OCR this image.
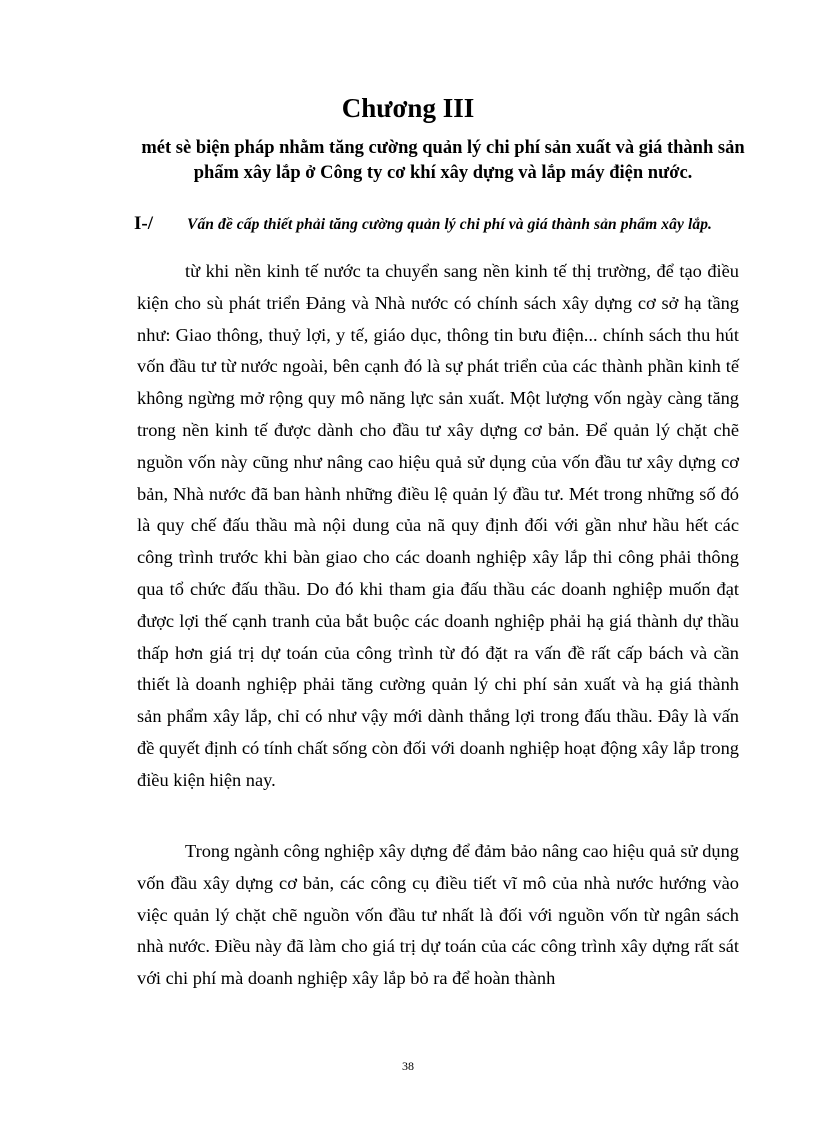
Chương III
mét sè biện pháp nhằm tăng cường quản lý chi phí sản xuất và giá thành sản phẩm xây lắp ở Công ty cơ khí xây dựng và lắp máy điện nước.
I-/ Vấn đề cấp thiết phải tăng cường quản lý chi phí và giá thành sản phẩm xây lắp.

từ khi nền kinh tế nước ta chuyển sang nền kinh tế thị trường, để tạo điều kiện cho sù phát triển Đảng và Nhà nước có chính sách xây dựng cơ sở hạ tầng như: Giao thông, thuỷ lợi, y tế, giáo dục, thông tin bưu điện... chính sách thu hút vốn đầu tư từ nước ngoài, bên cạnh đó là sự phát triển của các thành phần kinh tế không ngừng mở rộng quy mô năng lực sản xuất. Một lượng vốn ngày càng tăng trong nền kinh tế được dành cho đầu tư xây dựng cơ bản. Để quản lý chặt chẽ nguồn vốn này cũng như nâng cao hiệu quả sử dụng của vốn đầu tư xây dựng cơ bản, Nhà nước đã ban hành những điều lệ quản lý đầu tư. Mét trong những số đó là quy chế đấu thầu mà nội dung của nã quy định đối với gần như hầu hết các công trình trước khi bàn giao cho các doanh nghiệp xây lắp thi công phải thông qua tổ chức đấu thầu. Do đó khi tham gia đấu thầu các doanh nghiệp muốn đạt được lợi thế cạnh tranh của bắt buộc các doanh nghiệp phải hạ giá thành dự thầu thấp hơn giá trị dự toán của công trình từ đó đặt ra vấn đề rất cấp bách và cần thiết là doanh nghiệp phải tăng cường quản lý chi phí sản xuất và hạ giá thành sản phẩm xây lắp, chỉ có như vậy mới dành thắng lợi trong đấu thầu. Đây là vấn đề quyết định có tính chất sống còn đối với doanh nghiệp hoạt động xây lắp trong điều kiện hiện nay.

Trong ngành công nghiệp xây dựng để đảm bảo nâng cao hiệu quả sử dụng vốn đầu xây dựng cơ bản, các công cụ điều tiết vĩ mô của nhà nước hướng vào việc quản lý chặt chẽ nguồn vốn đầu tư nhất là đối với nguồn vốn từ ngân sách nhà nước. Điều này đã làm cho giá trị dự toán của các công trình xây dựng rất sát với chi phí mà doanh nghiệp xây lắp bỏ ra để hoàn thành

38
